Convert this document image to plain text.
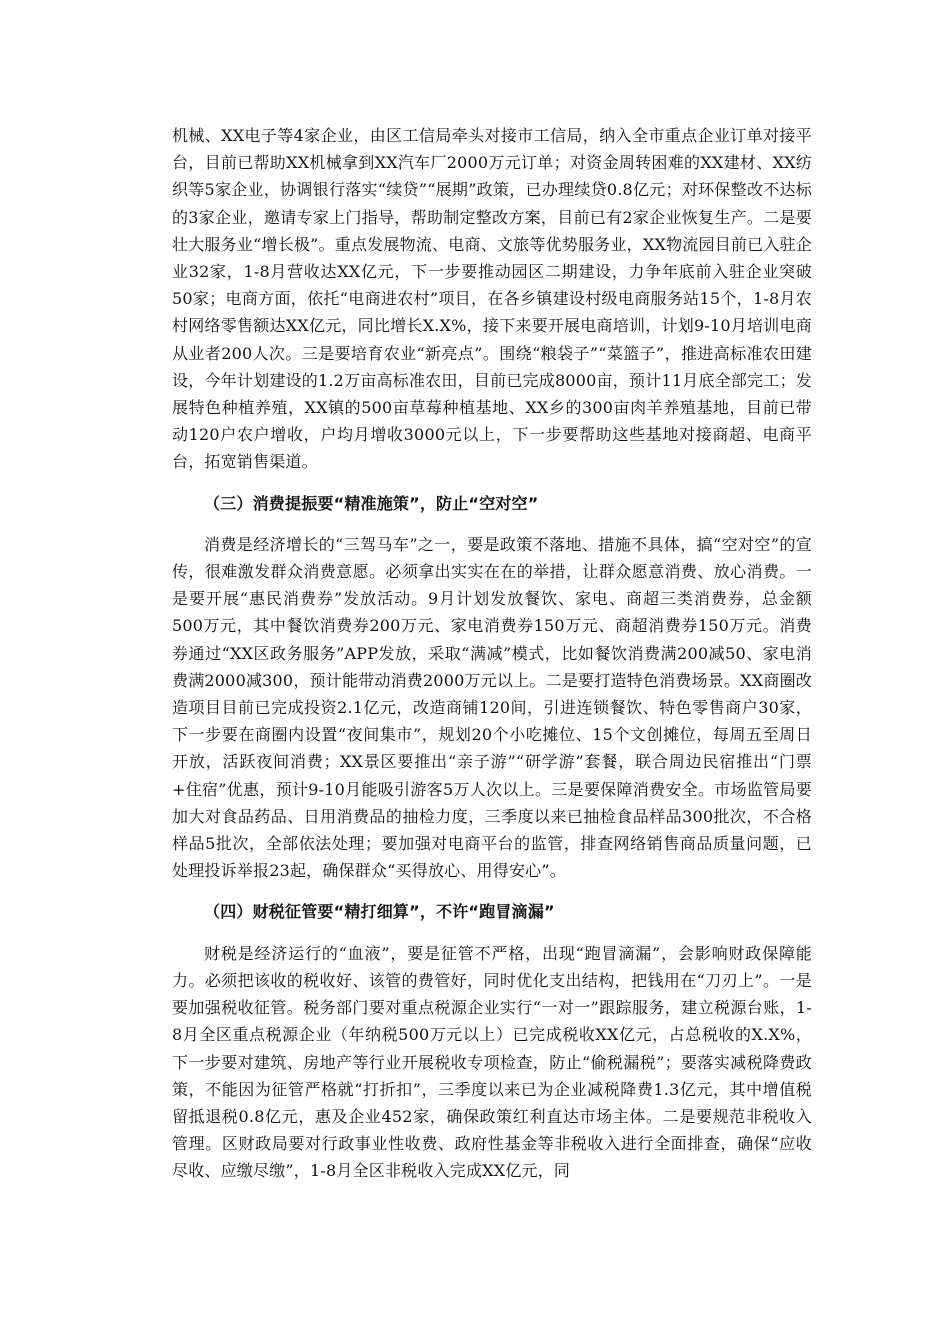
机械、XX电子等4家企业，由区工信局牵头对接市工信局，纳入全市重点企业订单对接平台，目前已帮助XX机械拿到XX汽车厂2000万元订单；对资金周转困难的XX建材、XX纺织等5家企业，协调银行落实“续贷”“展期”政策，已办理续贷0.8亿元；对环保整改不达标的3家企业，邀请专家上门指导，帮助制定整改方案，目前已有2家企业恢复生产。二是要壮大服务业“增长极”。重点发展物流、电商、文旅等优势服务业，XX物流园目前已入驻企业32家，1-8月营收达XX亿元，下一步要推动园区二期建设，力争年底前入驻企业突破50家；电商方面，依托“电商进农村”项目，在各乡镇建设村级电商服务站15个，1-8月农村网络零售额达XX亿元，同比增长X.X%，接下来要开展电商培训，计划9-10月培训电商从业者200人次。三是要培育农业“新亮点”。围绕“粮袋子”“菜篮子”，推进高标准农田建设，今年计划建设的1.2万亩高标准农田，目前已完成8000亩，预计11月底全部完工；发展特色种植养殖，XX镇的500亩草莓种植基地、XX乡的300亩肉羊养殖基地，目前已带动120户农户增收，户均月增收3000元以上，下一步要帮助这些基地对接商超、电商平台，拓宽销售渠道。

（三）消费提振要“精准施策”，防止“空对空”

消费是经济增长的“三驾马车”之一，要是政策不落地、措施不具体，搞“空对空”的宣传，很难激发群众消费意愿。必须拿出实实在在的举措，让群众愿意消费、放心消费。一是要开展“惠民消费券”发放活动。9月计划发放餐饮、家电、商超三类消费券，总金额500万元，其中餐饮消费券200万元、家电消费券150万元、商超消费券150万元。消费券通过“XX区政务服务”APP发放，采取“满减”模式，比如餐饮消费满200减50、家电消费满2000减300，预计能带动消费2000万元以上。二是要打造特色消费场景。XX商圈改造项目目前已完成投资2.1亿元，改造商铺120间，引进连锁餐饮、特色零售商户30家，下一步要在商圈内设置“夜间集市”，规划20个小吃摊位、15个文创摊位，每周五至周日开放，活跃夜间消费；XX景区要推出“亲子游”“研学游”套餐，联合周边民宿推出“门票+住宿”优惠，预计9-10月能吸引游客5万人次以上。三是要保障消费安全。市场监管局要加大对食品药品、日用消费品的抽检力度，三季度以来已抽检食品样品300批次，不合格样品5批次，全部依法处理；要加强对电商平台的监管，排查网络销售商品质量问题，已处理投诉举报23起，确保群众“买得放心、用得安心”。

（四）财税征管要“精打细算”，不许“跑冒滴漏”

财税是经济运行的“血液”，要是征管不严格，出现“跑冒滴漏”，会影响财政保障能力。必须把该收的税收好、该管的费管好，同时优化支出结构，把钱用在“刀刃上”。一是要加强税收征管。税务部门要对重点税源企业实行“一对一”跟踪服务，建立税源台账，1-8月全区重点税源企业（年纳税500万元以上）已完成税收XX亿元，占总税收的X.X%，下一步要对建筑、房地产等行业开展税收专项检查，防止“偷税漏税”；要落实减税降费政策，不能因为征管严格就“打折扣”，三季度以来已为企业减税降费1.3亿元，其中增值税留抵退税0.8亿元，惠及企业452家，确保政策红利直达市场主体。二是要规范非税收入管理。区财政局要对行政事业性收费、政府性基金等非税收入进行全面排查，确保“应收尽收、应缴尽缴”，1-8月全区非税收入完成XX亿元，同
